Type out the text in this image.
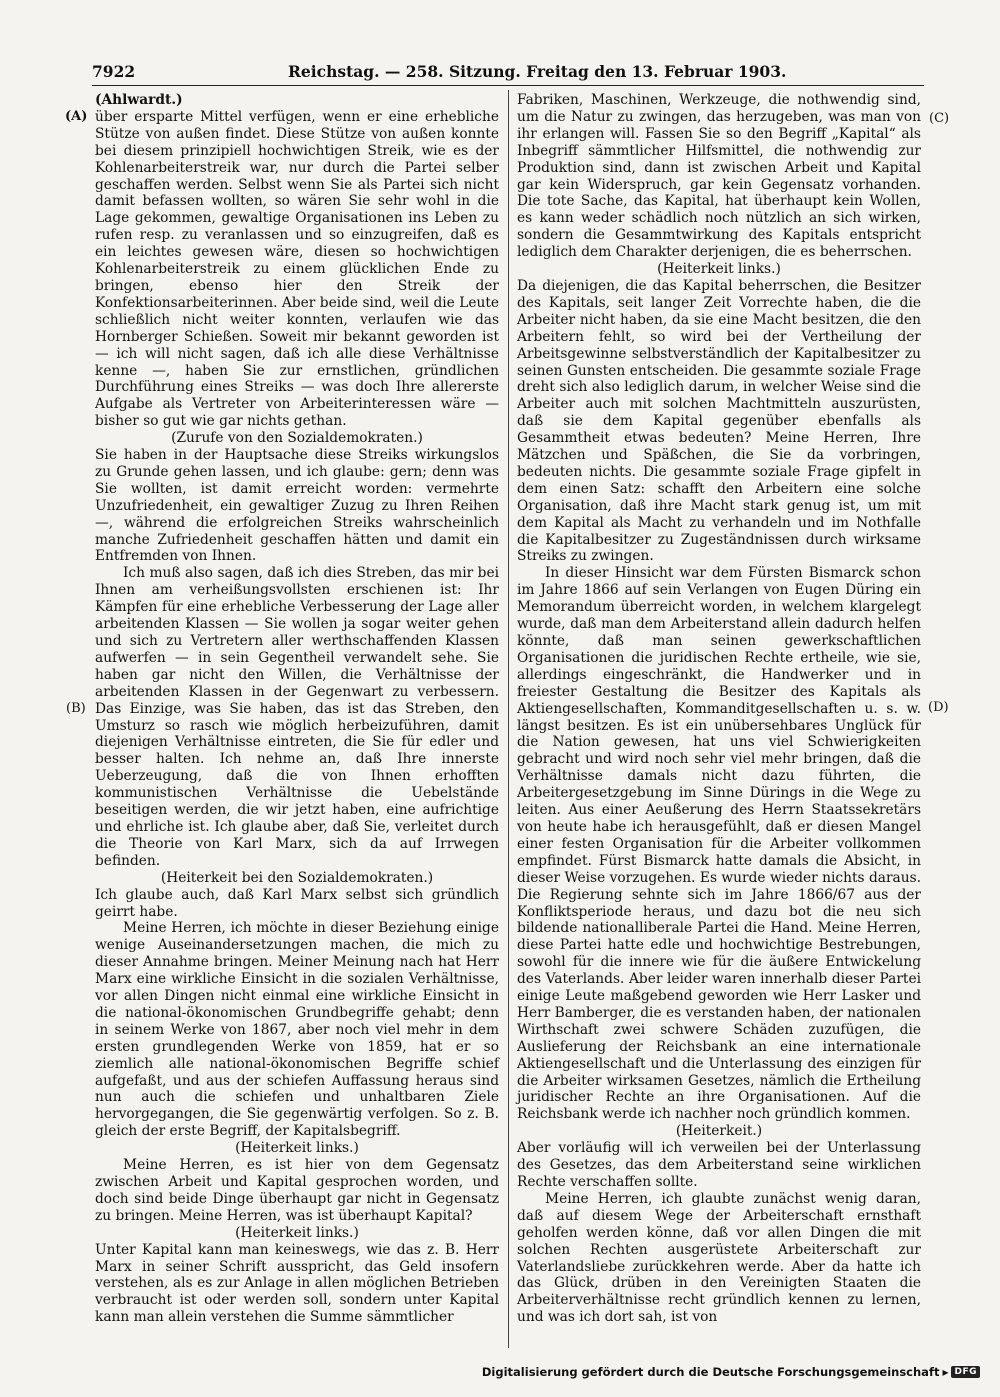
7922	Reichstag. — 258. Sitzung. Freitag den 13. Februar 1903.
(A)
(B)
(C)
(D)

(Ahlwardt.)

über ersparte Mittel verfügen, wenn er eine erhebliche Stütze von außen findet. Diese Stütze von außen konnte bei diesem prinzipiell hochwichtigen Streik, wie es der Kohlenarbeiterstreik war, nur durch die Partei selber geschaffen werden. Selbst wenn Sie als Partei sich nicht damit befassen wollten, so wären Sie sehr wohl in die Lage gekommen, gewaltige Organisationen ins Leben zu rufen resp. zu veranlassen und so einzugreifen, daß es ein leichtes gewesen wäre, diesen so hochwichtigen Kohlenarbeiterstreik zu einem glücklichen Ende zu bringen, ebenso hier den Streik der Konfektionsarbeiterinnen. Aber beide sind, weil die Leute schließlich nicht weiter konnten, verlaufen wie das Hornberger Schießen. Soweit mir bekannt geworden ist — ich will nicht sagen, daß ich alle diese Verhältnisse kenne —, haben Sie zur ernstlichen, gründlichen Durchführung eines Streiks — was doch Ihre allererste Aufgabe als Vertreter von Arbeiterinteressen wäre — bisher so gut wie gar nichts gethan.

(Zurufe von den Sozialdemokraten.)

Sie haben in der Hauptsache diese Streiks wirkungslos zu Grunde gehen lassen, und ich glaube: gern; denn was Sie wollten, ist damit erreicht worden: vermehrte Unzufriedenheit, ein gewaltiger Zuzug zu Ihren Reihen —, während die erfolgreichen Streiks wahrscheinlich manche Zufriedenheit geschaffen hätten und damit ein Entfremden von Ihnen.

Ich muß also sagen, daß ich dies Streben, das mir bei Ihnen am verheißungsvollsten erschienen ist: Ihr Kämpfen für eine erhebliche Verbesserung der Lage aller arbeitenden Klassen — Sie wollen ja sogar weiter gehen und sich zu Vertretern aller werthschaffenden Klassen aufwerfen — in sein Gegentheil verwandelt sehe. Sie haben gar nicht den Willen, die Verhältnisse der arbeitenden Klassen in der Gegenwart zu verbessern. Das Einzige, was Sie haben, das ist das Streben, den Umsturz so rasch wie möglich herbeizuführen, damit diejenigen Verhältnisse eintreten, die Sie für edler und besser halten. Ich nehme an, daß Ihre innerste Ueberzeugung, daß die von Ihnen erhofften kommunistischen Verhältnisse die Uebelstände beseitigen werden, die wir jetzt haben, eine aufrichtige und ehrliche ist. Ich glaube aber, daß Sie, verleitet durch die Theorie von Karl Marx, sich da auf Irrwegen befinden.

(Heiterkeit bei den Sozialdemokraten.)

Ich glaube auch, daß Karl Marx selbst sich gründlich geirrt habe.

Meine Herren, ich möchte in dieser Beziehung einige wenige Auseinandersetzungen machen, die mich zu dieser Annahme bringen. Meiner Meinung nach hat Herr Marx eine wirkliche Einsicht in die sozialen Verhältnisse, vor allen Dingen nicht einmal eine wirkliche Einsicht in die national-ökonomischen Grundbegriffe gehabt; denn in seinem Werke von 1867, aber noch viel mehr in dem ersten grundlegenden Werke von 1859, hat er so ziemlich alle national-ökonomischen Begriffe schief aufgefaßt, und aus der schiefen Auffassung heraus sind nun auch die schiefen und unhaltbaren Ziele hervorgegangen, die Sie gegenwärtig verfolgen. So z. B. gleich der erste Begriff, der Kapitalsbegriff.

(Heiterkeit links.)

Meine Herren, es ist hier von dem Gegensatz zwischen Arbeit und Kapital gesprochen worden, und doch sind beide Dinge überhaupt gar nicht in Gegensatz zu bringen. Meine Herren, was ist überhaupt Kapital?

(Heiterkeit links.)

Unter Kapital kann man keineswegs, wie das z. B. Herr Marx in seiner Schrift ausspricht, das Geld insofern verstehen, als es zur Anlage in allen möglichen Betrieben verbraucht ist oder werden soll, sondern unter Kapital kann man allein verstehen die Summe sämmtlicher

Fabriken, Maschinen, Werkzeuge, die nothwendig sind, um die Natur zu zwingen, das herzugeben, was man von ihr erlangen will. Fassen Sie so den Begriff „Kapital“ als Inbegriff sämmtlicher Hilfsmittel, die nothwendig zur Produktion sind, dann ist zwischen Arbeit und Kapital gar kein Widerspruch, gar kein Gegensatz vorhanden. Die tote Sache, das Kapital, hat überhaupt kein Wollen, es kann weder schädlich noch nützlich an sich wirken, sondern die Gesammtwirkung des Kapitals entspricht lediglich dem Charakter derjenigen, die es beherrschen.

(Heiterkeit links.)

Da diejenigen, die das Kapital beherrschen, die Besitzer des Kapitals, seit langer Zeit Vorrechte haben, die die Arbeiter nicht haben, da sie eine Macht besitzen, die den Arbeitern fehlt, so wird bei der Vertheilung der Arbeitsgewinne selbstverständlich der Kapitalbesitzer zu seinen Gunsten entscheiden. Die gesammte soziale Frage dreht sich also lediglich darum, in welcher Weise sind die Arbeiter auch mit solchen Machtmitteln auszurüsten, daß sie dem Kapital gegenüber ebenfalls als Gesammtheit etwas bedeuten? Meine Herren, Ihre Mätzchen und Späßchen, die Sie da vorbringen, bedeuten nichts. Die gesammte soziale Frage gipfelt in dem einen Satz: schafft den Arbeitern eine solche Organisation, daß ihre Macht stark genug ist, um mit dem Kapital als Macht zu verhandeln und im Nothfalle die Kapitalbesitzer zu Zugeständnissen durch wirksame Streiks zu zwingen.

In dieser Hinsicht war dem Fürsten Bismarck schon im Jahre 1866 auf sein Verlangen von Eugen Düring ein Memorandum überreicht worden, in welchem klargelegt wurde, daß man dem Arbeiterstand allein dadurch helfen könnte, daß man seinen gewerkschaftlichen Organisationen die juridischen Rechte ertheile, wie sie, allerdings eingeschränkt, die Handwerker und in freiester Gestaltung die Besitzer des Kapitals als Aktiengesellschaften, Kommanditgesellschaften u. s. w. längst besitzen. Es ist ein unübersehbares Unglück für die Nation gewesen, hat uns viel Schwierigkeiten gebracht und wird noch sehr viel mehr bringen, daß die Verhältnisse damals nicht dazu führten, die Arbeitergesetzgebung im Sinne Dürings in die Wege zu leiten. Aus einer Aeußerung des Herrn Staatssekretärs von heute habe ich herausgefühlt, daß er diesen Mangel einer festen Organisation für die Arbeiter vollkommen empfindet. Fürst Bismarck hatte damals die Absicht, in dieser Weise vorzugehen. Es wurde wieder nichts daraus. Die Regierung sehnte sich im Jahre 1866/67 aus der Konfliktsperiode heraus, und dazu bot die neu sich bildende nationalliberale Partei die Hand. Meine Herren, diese Partei hatte edle und hochwichtige Bestrebungen, sowohl für die innere wie für die äußere Entwickelung des Vaterlands. Aber leider waren innerhalb dieser Partei einige Leute maßgebend geworden wie Herr Lasker und Herr Bamberger, die es verstanden haben, der nationalen Wirthschaft zwei schwere Schäden zuzufügen, die Auslieferung der Reichsbank an eine internationale Aktiengesellschaft und die Unterlassung des einzigen für die Arbeiter wirksamen Gesetzes, nämlich die Ertheilung juridischer Rechte an ihre Organisationen. Auf die Reichsbank werde ich nachher noch gründlich kommen.

(Heiterkeit.)

Aber vorläufig will ich verweilen bei der Unterlassung des Gesetzes, das dem Arbeiterstand seine wirklichen Rechte verschaffen sollte.

Meine Herren, ich glaubte zunächst wenig daran, daß auf diesem Wege der Arbeiterschaft ernsthaft geholfen werden könne, daß vor allen Dingen die mit solchen Rechten ausgerüstete Arbeiterschaft zur Vaterlandsliebe zurückkehren werde. Aber da hatte ich das Glück, drüben in den Vereinigten Staaten die Arbeiterverhältnisse recht gründlich kennen zu lernen, und was ich dort sah, ist von

Digitalisierung gefördert durch die Deutsche Forschungsgemeinschaft ▸ DFG
